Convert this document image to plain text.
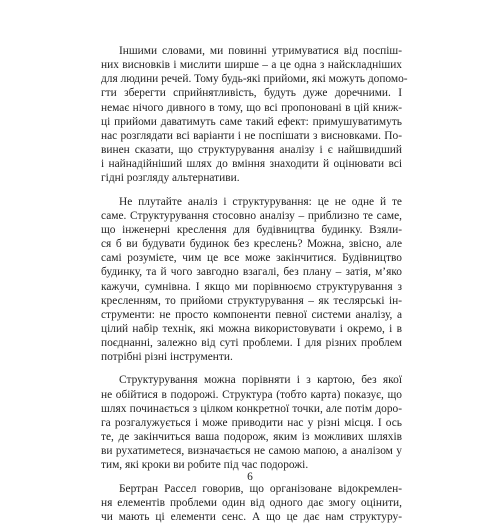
Іншими словами, ми повинні утримуватися від поспіш-
них висновків і мислити ширше – а це одна з найскладніших
для людини речей. Тому будь-які прийоми, які можуть допомо-
гти зберегти сприйнятливість, будуть дуже доречними. І
немає нічого дивного в тому, що всі пропоновані в цій книж-
ці прийоми даватимуть саме такий ефект: примушуватимуть
нас розглядати всі варіанти і не поспішати з висновками. По-
винен сказати, що структурування аналізу і є найшвидший
і найнадійніший шлях до вміння знаходити й оцінювати всі
гідні розгляду альтернативи.

Не плутайте аналіз і структурування: це не одне й те
саме. Структурування стосовно аналізу – приблизно те саме,
що інженерні креслення для будівництва будинку. Взяли-
ся б ви будувати будинок без креслень? Можна, звісно, але
самі розумієте, чим це все може закінчитися. Будівництво
будинку, та й чого завгодно взагалі, без плану – затія, м’яко
кажучи, сумнівна. І якщо ми порівнюємо структурування з
кресленням, то прийоми структурування – як теслярські ін-
струменти: не просто компоненти певної системи аналізу, а
цілий набір технік, які можна використовувати і окремо, і в
поєднанні, залежно від суті проблеми. І для різних проблем
потрібні різні інструменти.

Структурування можна порівняти і з картою, без якої
не обійтися в подорожі. Структура (тобто карта) показує, що
шлях починається з цілком конкретної точки, але потім доро-
га розгалужується і може приводити нас у різні місця. І ось
те, де закінчиться ваша подорож, яким із можливих шляхів
ви рухатиметеся, визначається не самою мапою, а аналізом у
тим, які кроки ви робите під час подорожі.

Бертран Рассел говорив, що організоване відокремлен-
ня елементів проблеми один від одного дає змогу оцінити,
чи мають ці елементи сенс. А що це дає нам структуру-

6
